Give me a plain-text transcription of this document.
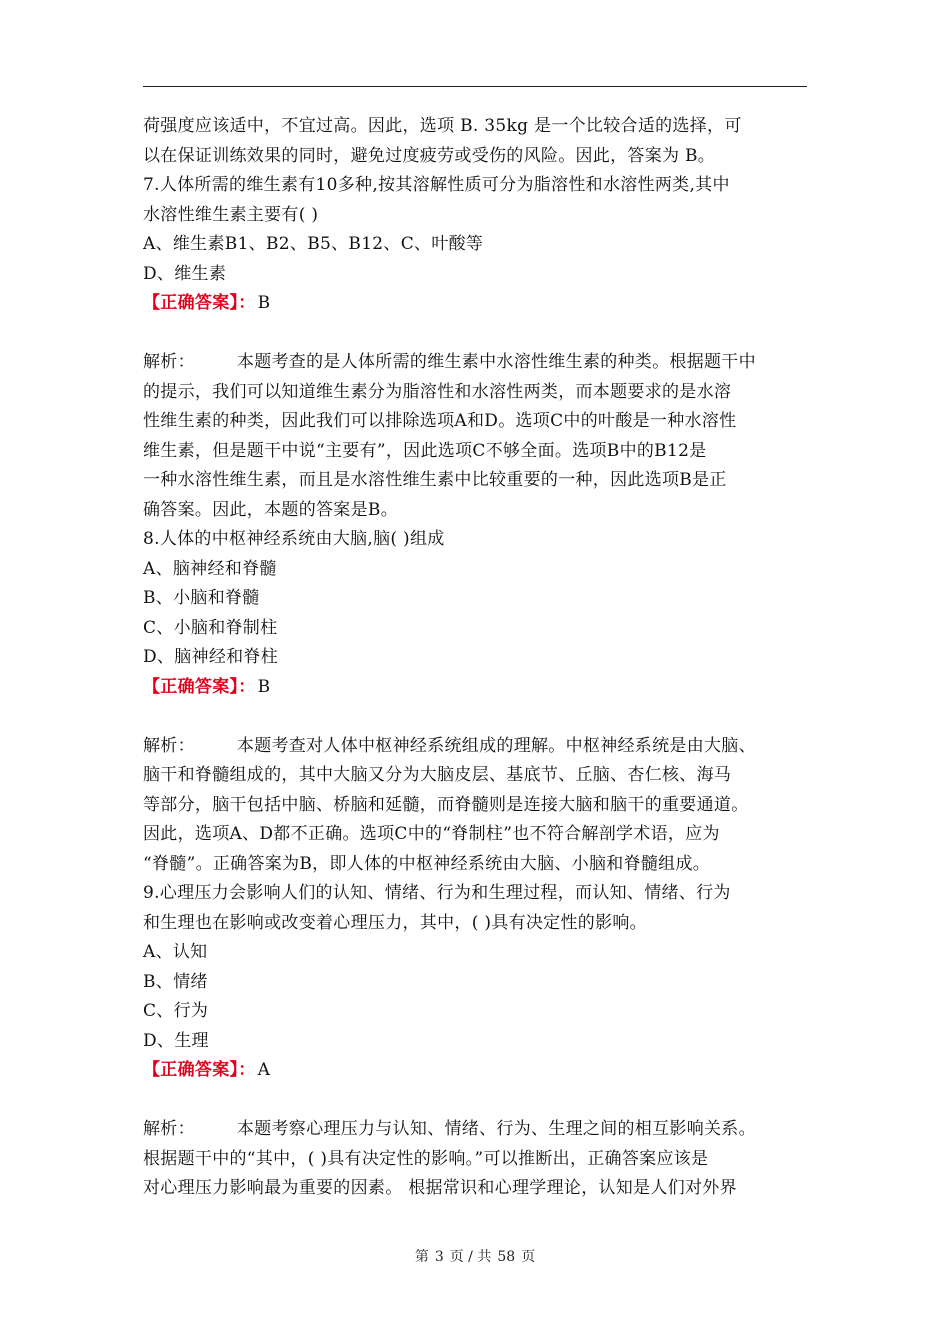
荷强度应该适中，不宜过高。因此，选项 B. 35kg 是一个比较合适的选择，可
以在保证训练效果的同时，避免过度疲劳或受伤的风险。因此，答案为 B。
7.人体所需的维生素有10多种,按其溶解性质可分为脂溶性和水溶性两类,其中
水溶性维生素主要有( )
A、维生素B1、B2、B5、B12、C、叶酸等
D、维生素
【正确答案】： B
解析： 本题考查的是人体所需的维生素中水溶性维生素的种类。根据题干中
的提示，我们可以知道维生素分为脂溶性和水溶性两类，而本题要求的是水溶
性维生素的种类，因此我们可以排除选项A和D。选项C中的叶酸是一种水溶性
维生素，但是题干中说“主要有”，因此选项C不够全面。选项B中的B12是
一种水溶性维生素，而且是水溶性维生素中比较重要的一种，因此选项B是正
确答案。因此，本题的答案是B。
8.人体的中枢神经系统由大脑,脑( )组成
A、脑神经和脊髓
B、小脑和脊髓
C、小脑和脊制柱
D、脑神经和脊柱
【正确答案】： B
解析： 本题考查对人体中枢神经系统组成的理解。中枢神经系统是由大脑、
脑干和脊髓组成的，其中大脑又分为大脑皮层、基底节、丘脑、杏仁核、海马
等部分，脑干包括中脑、桥脑和延髓，而脊髓则是连接大脑和脑干的重要通道。
因此，选项A、D都不正确。选项C中的“脊制柱”也不符合解剖学术语，应为
“脊髓”。正确答案为B，即人体的中枢神经系统由大脑、小脑和脊髓组成。
9.心理压力会影响人们的认知、情绪、行为和生理过程，而认知、情绪、行为
和生理也在影响或改变着心理压力，其中，( )具有决定性的影响。
A、认知
B、情绪
C、行为
D、生理
【正确答案】： A
解析： 本题考察心理压力与认知、情绪、行为、生理之间的相互影响关系。
根据题干中的“其中，( )具有决定性的影响。”可以推断出，正确答案应该是
对心理压力影响最为重要的因素。 根据常识和心理学理论，认知是人们对外界
第 3 页 / 共 58 页
